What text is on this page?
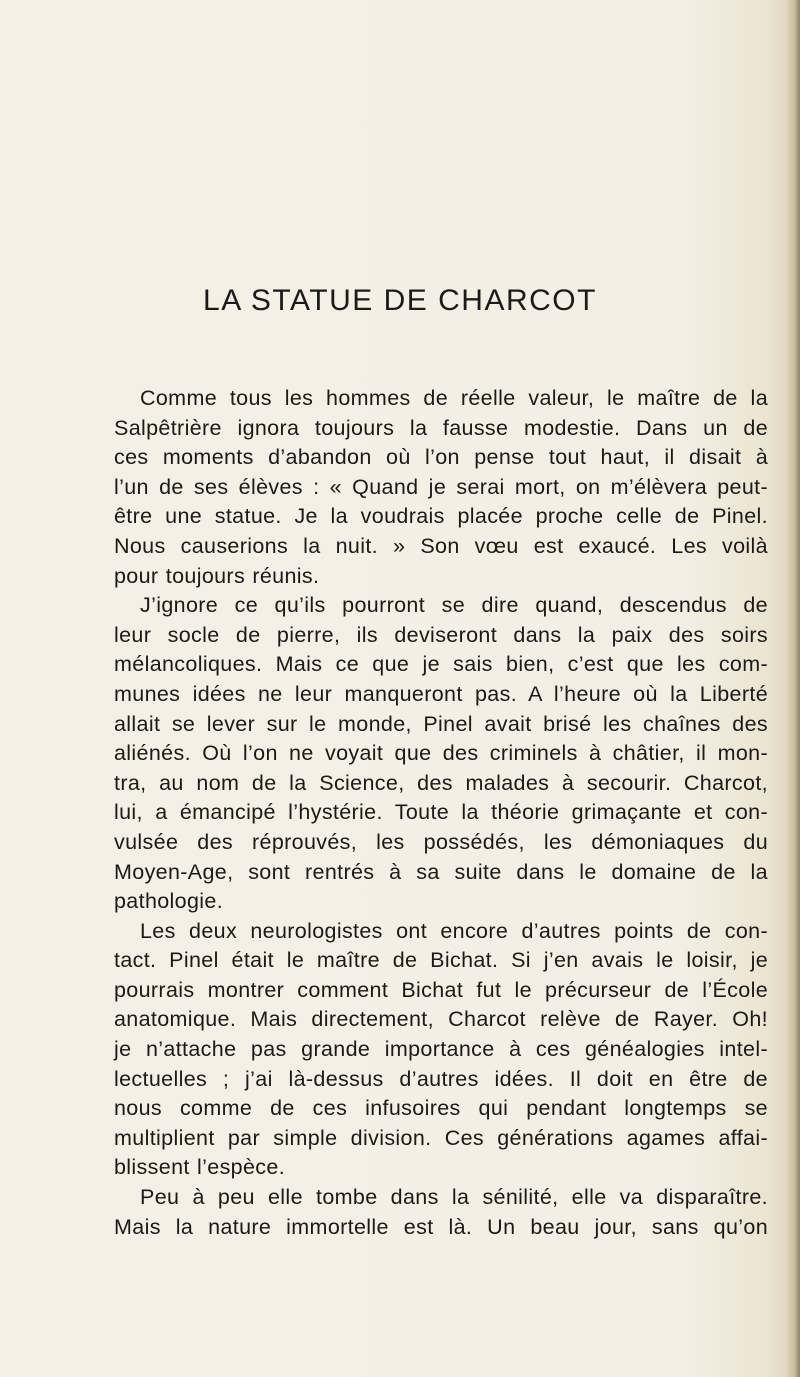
LA STATUE DE CHARCOT
Comme tous les hommes de réelle valeur, le maître de la
Salpêtrière ignora toujours la fausse modestie. Dans un de
ces moments d’abandon où l’on pense tout haut, il disait à
l’un de ses élèves : « Quand je serai mort, on m’élèvera peut-
être une statue. Je la voudrais placée proche celle de Pinel.
Nous causerions la nuit. » Son vœu est exaucé. Les voilà
pour toujours réunis.
J’ignore ce qu’ils pourront se dire quand, descendus de
leur socle de pierre, ils deviseront dans la paix des soirs
mélancoliques. Mais ce que je sais bien, c’est que les com-
munes idées ne leur manqueront pas. A l’heure où la Liberté
allait se lever sur le monde, Pinel avait brisé les chaînes des
aliénés. Où l’on ne voyait que des criminels à châtier, il mon-
tra, au nom de la Science, des malades à secourir. Charcot,
lui, a émancipé l’hystérie. Toute la théorie grimaçante et con-
vulsée des réprouvés, les possédés, les démoniaques du
Moyen-Age, sont rentrés à sa suite dans le domaine de la
pathologie.
Les deux neurologistes ont encore d’autres points de con-
tact. Pinel était le maître de Bichat. Si j’en avais le loisir, je
pourrais montrer comment Bichat fut le précurseur de l’École
anatomique. Mais directement, Charcot relève de Rayer. Oh!
je n’attache pas grande importance à ces généalogies intel-
lectuelles ; j’ai là-dessus d’autres idées. Il doit en être de
nous comme de ces infusoires qui pendant longtemps se
multiplient par simple division. Ces générations agames affai-
blissent l’espèce.
Peu à peu elle tombe dans la sénilité, elle va disparaître.
Mais la nature immortelle est là. Un beau jour, sans qu’on
